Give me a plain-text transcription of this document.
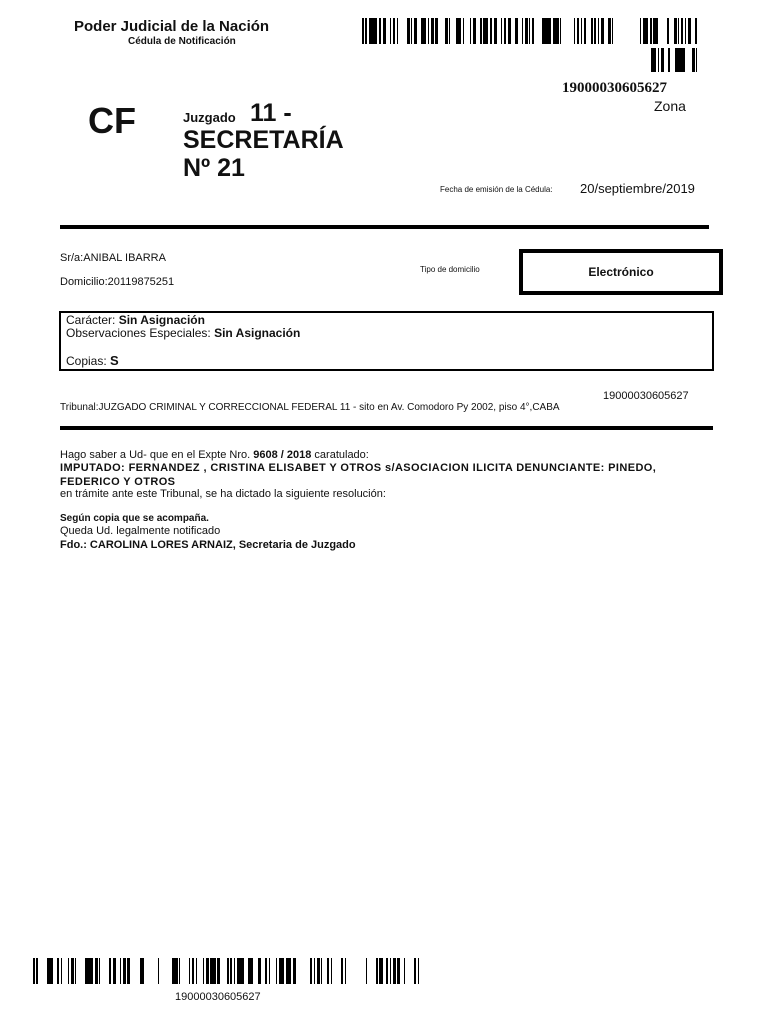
Poder Judicial de la Nación
Cédula de Notificación
19000030605627
Zona
CF	Juzgado 11 -
SECRETARÍA Nº 21
Fecha de emisión de la Cédula: 20/septiembre/2019
Sr/a:ANIBAL IBARRA
Domicilio:20119875251
Tipo de domicilio	Electrónico
Carácter: Sin Asignación
Observaciones Especiales: Sin Asignación
Copias: S
19000030605627
Tribunal:JUZGADO CRIMINAL Y CORRECCIONAL FEDERAL 11 - sito en Av. Comodoro Py 2002, piso 4°,CABA
Hago saber a Ud- que en el Expte Nro. 9608 / 2018 caratulado:
IMPUTADO: FERNANDEZ , CRISTINA ELISABET Y OTROS s/ASOCIACION ILICITA DENUNCIANTE: PINEDO, FEDERICO Y OTROS
en trámite ante este Tribunal, se ha dictado la siguiente resolución:
Según copia que se acompaña.
Queda Ud. legalmente notificado
Fdo.: CAROLINA LORES ARNAIZ, Secretaria de Juzgado
19000030605627
